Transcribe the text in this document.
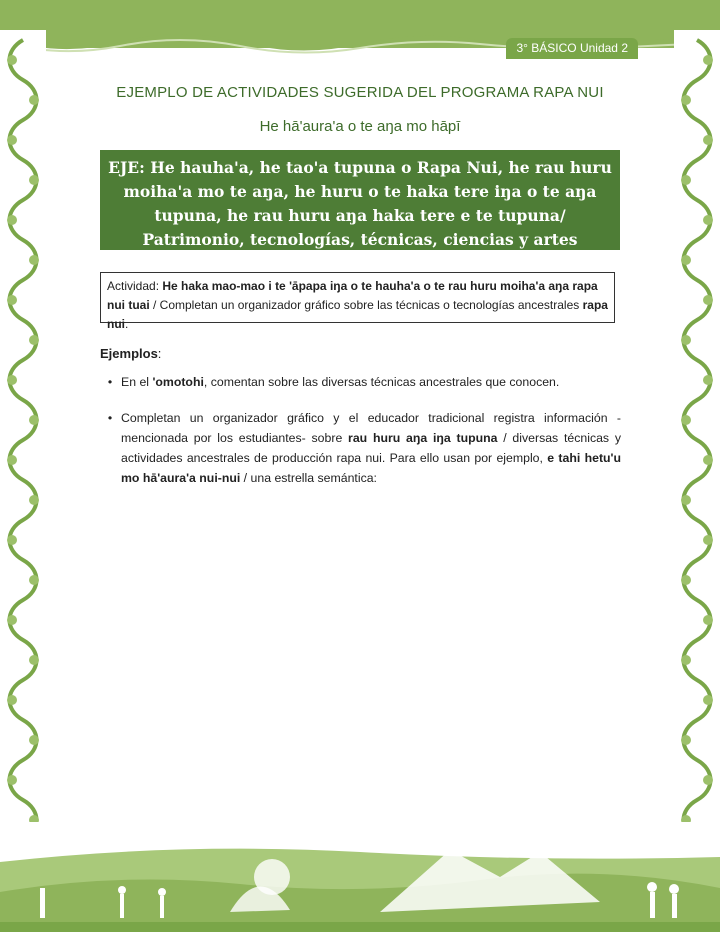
3° BÁSICO Unidad 2
EJEMPLO DE ACTIVIDADES SUGERIDA DEL PROGRAMA RAPA NUI
He hā'aura'a o te aŋa mo hāpī
EJE: He hauha'a, he tao'a tupuna o Rapa Nui, he rau huru moiha'a mo te aŋa, he huru o te haka tere iŋa o te aŋa tupuna, he rau huru aŋa haka tere e te tupuna/ Patrimonio, tecnologías, técnicas, ciencias y artes ancestrales.
Actividad: He haka mao-mao i te 'āpapa iŋa o te hauha'a o te rau huru moiha'a aŋa rapa nui tuai / Completan un organizador gráfico sobre las técnicas o tecnologías ancestrales rapa nui.
Ejemplos:
• En el 'omotohi, comentan sobre las diversas técnicas ancestrales que conocen.
• Completan un organizador gráfico y el educador tradicional registra información -mencionada por los estudiantes- sobre rau huru aŋa iŋa tupuna / diversas técnicas y actividades ancestrales de producción rapa nui. Para ello usan por ejemplo, e tahi hetu'u mo hā'aura'a nui-nui / una estrella semántica:
